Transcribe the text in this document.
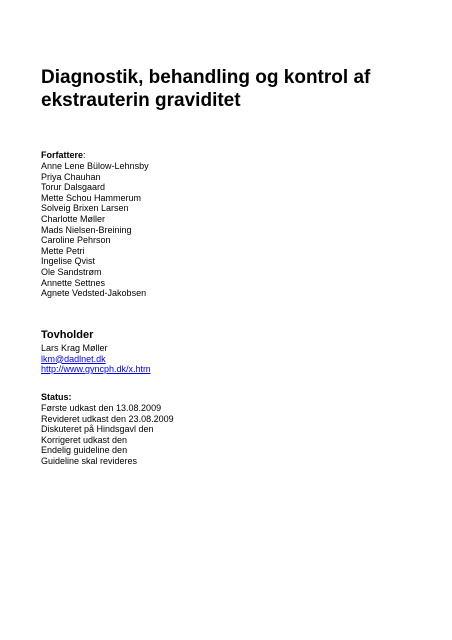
Diagnostik, behandling og kontrol af ekstrauterin graviditet

Forfattere:

Anne Lene Bülow-Lehnsby
Priya Chauhan
Torur Dalsgaard
Mette Schou Hammerum
Solveig Brixen Larsen
Charlotte Møller
Mads Nielsen-Breining
Caroline Pehrson
Mette Petri
Ingelise Qvist
Ole Sandstrøm
Annette Settnes
Agnete Vedsted-Jakobsen

Tovholder

Lars Krag Møller
lkm@dadlnet.dk
http://www.gyncph.dk/x.htm

Status:

Første udkast den 13.08.2009
Revideret udkast den 23.08.2009
Diskuteret på Hindsgavl den
Korrigeret udkast den
Endelig guideline den
Guideline skal revideres
